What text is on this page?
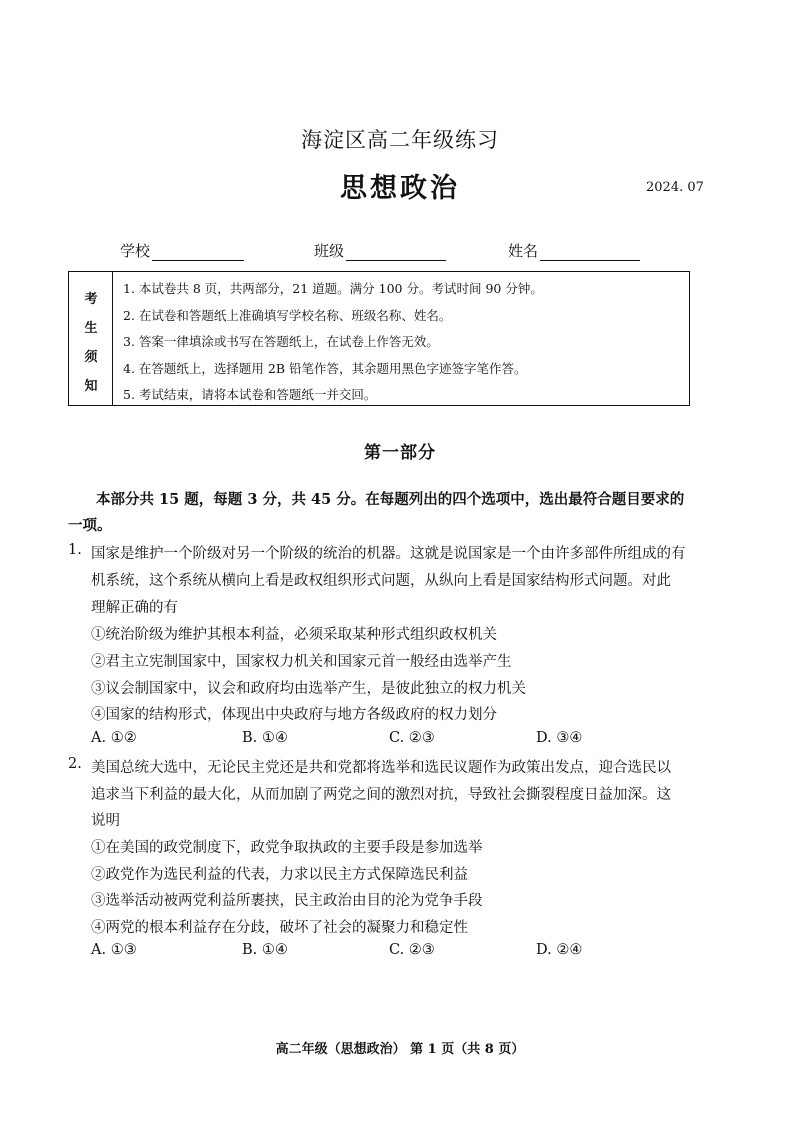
海淀区高二年级练习
思想政治	2024. 07
学校	班级	姓名
考
生
须
知
1. 本试卷共 8 页，共两部分，21 道题。满分 100 分。考试时间 90 分钟。
2. 在试卷和答题纸上准确填写学校名称、班级名称、姓名。
3. 答案一律填涂或书写在答题纸上，在试卷上作答无效。
4. 在答题纸上，选择题用 2B 铅笔作答，其余题用黑色字迹签字笔作答。
5. 考试结束，请将本试卷和答题纸一并交回。
第一部分
本部分共 15 题，每题 3 分，共 45 分。在每题列出的四个选项中，选出最符合题目要求的
一项。
1. 国家是维护一个阶级对另一个阶级的统治的机器。这就是说国家是一个由许多部件所组成的有
机系统，这个系统从横向上看是政权组织形式问题，从纵向上看是国家结构形式问题。对此
理解正确的有
①统治阶级为维护其根本利益，必须采取某种形式组织政权机关
②君主立宪制国家中，国家权力机关和国家元首一般经由选举产生
③议会制国家中，议会和政府均由选举产生，是彼此独立的权力机关
④国家的结构形式，体现出中央政府与地方各级政府的权力划分
A. ①②	B. ①④	C. ②③	D. ③④
2. 美国总统大选中，无论民主党还是共和党都将选举和选民议题作为政策出发点，迎合选民以
追求当下利益的最大化，从而加剧了两党之间的激烈对抗，导致社会撕裂程度日益加深。这
说明
①在美国的政党制度下，政党争取执政的主要手段是参加选举
②政党作为选民利益的代表，力求以民主方式保障选民利益
③选举活动被两党利益所裹挟，民主政治由目的沦为党争手段
④两党的根本利益存在分歧，破坏了社会的凝聚力和稳定性
A. ①③	B. ①④	C. ②③	D. ②④
高二年级（思想政治） 第 1 页（共 8 页）
